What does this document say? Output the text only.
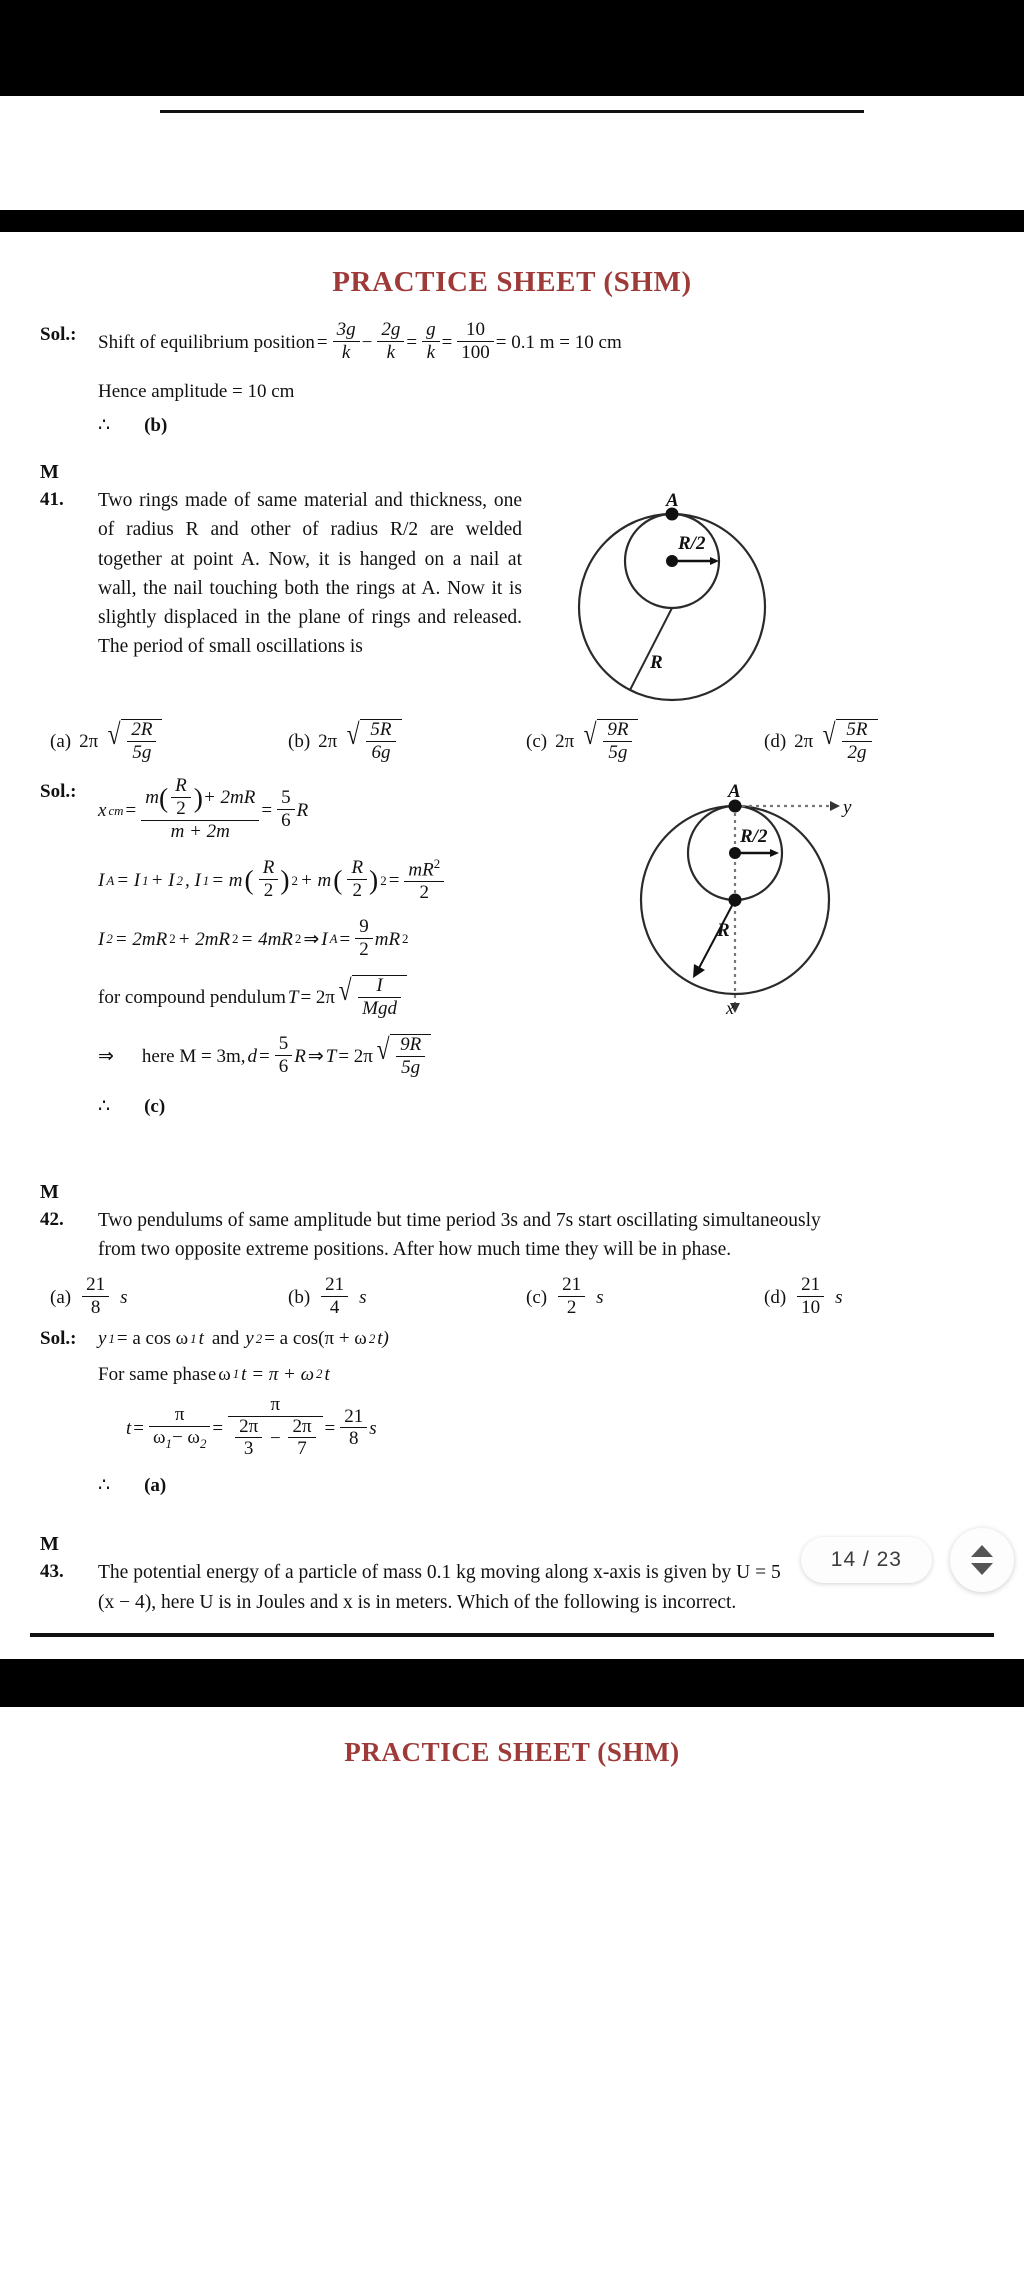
PRACTICE SHEET (SHM)
Sol.:	Shift of equilibrium position = $\frac{3g}{k} - \frac{2g}{k} = \frac{g}{k} = \frac{10}{100} = 0.1$ m = 10 cm
Hence amplitude = 10 cm
∴ (b)
M
41.	Two rings made of same material and thickness, one of radius R and other of radius R/2 are welded together at point A. Now, it is hanged on a nail at wall, the nail touching both the rings at A. Now it is slightly displaced in the plane of rings and released. The period of small oscillations is
A
R/2
R
(a) 2π √ $\frac{2R}{5g}$	(b) 2π √ $\frac{5R}{6g}$	(c) 2π √ $\frac{9R}{5g}$	(d) 2π √ $\frac{5R}{2g}$
Sol.:
x cm = $\frac{m( \frac{R}{2} )+ 2mR}{m + 2m} = \frac{5}{6}$ R
I A = I 1 + I 2 , I 1 = m ( $\frac{R}{2}$ ) 2 + m ( $\frac{R}{2}$ ) $2 = \frac{mR^2}{2}$
I 2 = 2mR 2 + 2mR 2 = 4mR 2 ⇒ I $A = \frac{9}{2}$ mR 2
for compound pendulum T = 2π √ $\frac{I}{\text{Mgd}}$
⇒ here M = 3m, $d = \frac{5}{6}$ R ⇒ T = 2π √ $\frac{9R}{5g}$
∴ (c)
x
y
A
R/2
R
14 / 23
M
42.	Two pendulums of same amplitude but time period 3s and 7s start oscillating simultaneously
from two opposite extreme positions. After how much time they will be in phase.
$(a) \frac{21}{8}$ s	$(b) \frac{21}{4}$ s	$(c) \frac{21}{2}$ s	$(d) \frac{21}{10}$ s
Sol.:	y 1 = a cos ω 1 t and y 2 = a cos(π + ω 2 t)
For same phase ω 1 t = π + ω 2 t
$t = \frac{\pi}{\omega_1- \omega_2}$ =
π
$\frac{2\pi}{3} - \frac{2\pi}{7} = \frac{21}{8}$ s
∴ (a)
M
43.	The potential energy of a particle of mass 0.1 kg moving along x-axis is given by U = 5
(x − 4), here U is in Joules and x is in meters. Which of the following is incorrect.
PRACTICE SHEET (SHM)
